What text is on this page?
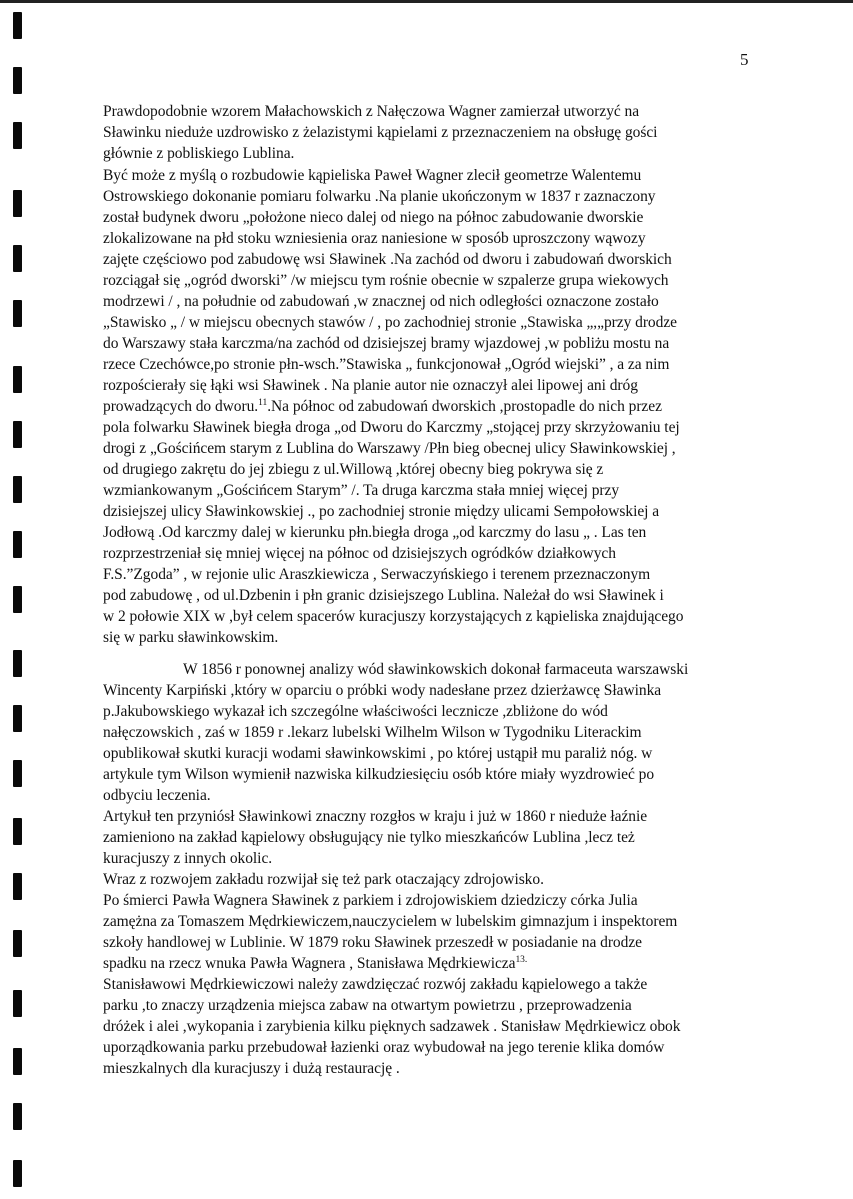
5
Prawdopodobnie wzorem Małachowskich z Nałęczowa Wagner zamierzał utworzyć na
Sławinku nieduże uzdrowisko z żelazistymi kąpielami z przeznaczeniem na obsługę gości
głównie z pobliskiego Lublina.
Być może z myślą o rozbudowie kąpieliska Paweł Wagner zlecił geometrze Walentemu
Ostrowskiego dokonanie pomiaru folwarku .Na planie ukończonym w 1837 r zaznaczony
został budynek dworu „położone nieco dalej od niego na północ zabudowanie dworskie
zlokalizowane na płd stoku wzniesienia oraz naniesione w sposób uproszczony wąwozy
zajęte częściowo pod zabudowę wsi Sławinek .Na zachód od dworu i zabudowań dworskich
rozciągał się „ogród dworski” /w miejscu tym rośnie obecnie w szpalerze grupa wiekowych
modrzewi / , na południe od zabudowań ,w znacznej od nich odległości oznaczone zostało
„Stawisko „ / w miejscu obecnych stawów / , po zachodniej stronie „Stawiska „,„przy drodze
do Warszawy stała karczma/na zachód od dzisiejszej bramy wjazdowej ,w pobliżu mostu na
rzece Czechówce,po stronie płn-wsch.”Stawiska „ funkcjonował „Ogród wiejski” , a za nim
rozpościerały się łąki wsi Sławinek . Na planie autor nie oznaczył alei lipowej ani dróg
prowadzących do dworu.$^{11}$.Na północ od zabudowań dworskich ,prostopadle do nich przez
pola folwarku Sławinek biegła droga „od Dworu do Karczmy „stojącej przy skrzyżowaniu tej
drogi z „Gościńcem starym z Lublina do Warszawy /Płn bieg obecnej ulicy Sławinkowskiej ,
od drugiego zakrętu do jej zbiegu z ul.Willową ,której obecny bieg pokrywa się z
wzmiankowanym „Gościńcem Starym” /. Ta druga karczma stała mniej więcej przy
dzisiejszej ulicy Sławinkowskiej ., po zachodniej stronie między ulicami Sempołowskiej a
Jodłową .Od karczmy dalej w kierunku płn.biegła droga „od karczmy do lasu „ . Las ten
rozprzestrzeniał się mniej więcej na północ od dzisiejszych ogródków działkowych
F.S.”Zgoda” , w rejonie ulic Araszkiewicza , Serwaczyńskiego i terenem przeznaczonym
pod zabudowę , od ul.Dzbenin i płn granic dzisiejszego Lublina. Należał do wsi Sławinek i
w 2 połowie XIX w ,był celem spacerów kuracjuszy korzystających z kąpieliska znajdującego
się w parku sławinkowskim.
W 1856 r ponownej analizy wód sławinkowskich dokonał farmaceuta warszawski
Wincenty Karpiński ,który w oparciu o próbki wody nadesłane przez dzierżawcę Sławinka
p.Jakubowskiego wykazał ich szczególne właściwości lecznicze ,zbliżone do wód
nałęczowskich , zaś w 1859 r .lekarz lubelski Wilhelm Wilson w Tygodniku Literackim
opublikował skutki kuracji wodami sławinkowskimi , po której ustąpił mu paraliż nóg. w
artykule tym Wilson wymienił nazwiska kilkudziesięciu osób które miały wyzdrowieć po
odbyciu leczenia.
Artykuł ten przyniósł Sławinkowi znaczny rozgłos w kraju i już w 1860 r nieduże łaźnie
zamieniono na zakład kąpielowy obsługujący nie tylko mieszkańców Lublina ,lecz też
kuracjuszy z innych okolic.
Wraz z rozwojem zakładu rozwijał się też park otaczający zdrojowisko.
Po śmierci Pawła Wagnera Sławinek z parkiem i zdrojowiskiem dziedziczy córka Julia
zamężna za Tomaszem Mędrkiewiczem,nauczycielem w lubelskim gimnazjum i inspektorem
szkoły handlowej w Lublinie. W 1879 roku Sławinek przeszedł w posiadanie na drodze
spadku na rzecz wnuka Pawła Wagnera , Stanisława Mędrkiewicza$^{13.}$
Stanisławowi Mędrkiewiczowi należy zawdzięczać rozwój zakładu kąpielowego a także
parku ,to znaczy urządzenia miejsca zabaw na otwartym powietrzu , przeprowadzenia
dróżek i alei ,wykopania i zarybienia kilku pięknych sadzawek . Stanisław Mędrkiewicz obok
uporządkowania parku przebudował łazienki oraz wybudował na jego terenie klika domów
mieszkalnych dla kuracjuszy i dużą restaurację .
